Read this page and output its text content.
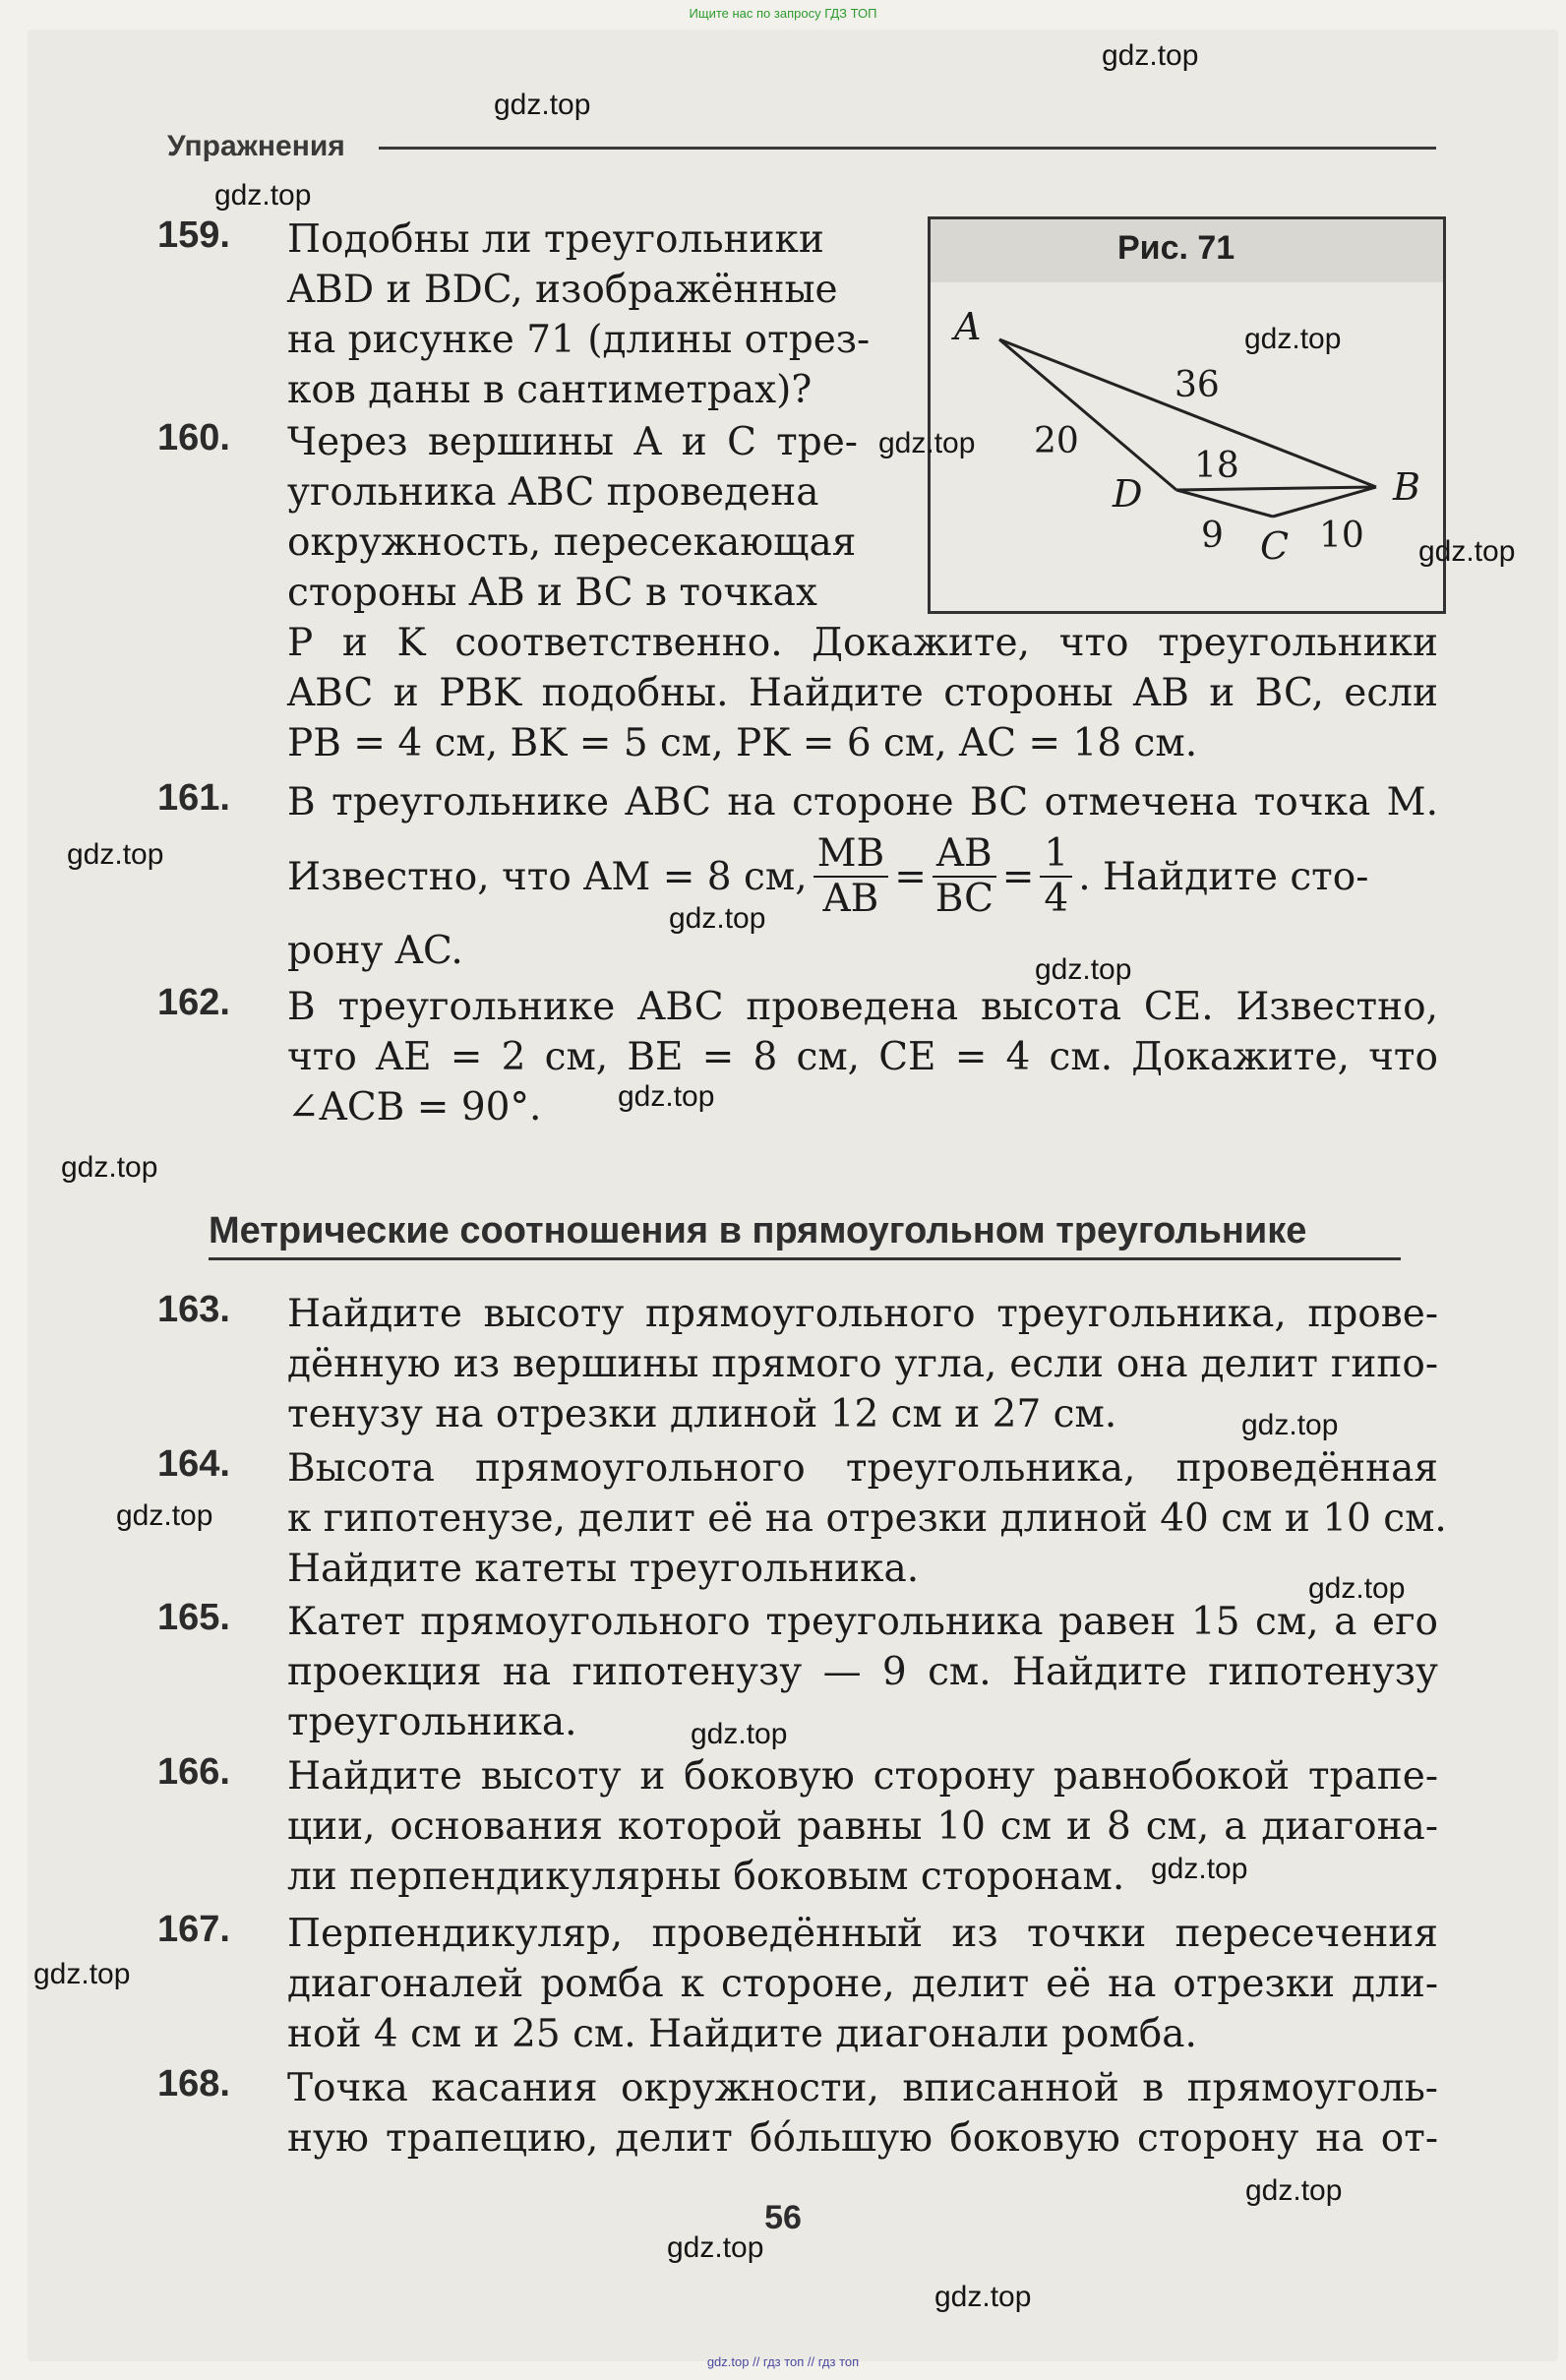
Ищите нас по запросу ГДЗ ТОП
Упражнения
Рис. 71
A
B
C
D
36
20
18
9	10
159.	Подобны ли треугольники
ABD и BDC, изображённые
на рисунке 71 (длины отрез-
ков даны в сантиметрах)?
160.	Через вершины A и C тре-
угольника ABC проведена
окружность, пересекающая
стороны AB и BC в точках
P и K соответственно. Докажите, что треугольники
ABC и PBK подобны. Найдите стороны AB и BC, если
PB = 4 см, BK = 5 см, PK = 6 см, AC = 18 см.
161.	В треугольнике ABC на стороне BC отмечена точка M.
Известно, что AM = 8 см, $\frac{MB}{AB} = \frac{AB}{BC} = \frac{1}{4}$ . Найдите сто-
рону AC.
162.	В треугольнике ABC проведена высота CE. Известно,
что AE = 2 см, BE = 8 см, CE = 4 см. Докажите, что
∠ACB = 90°.
Метрические соотношения в прямоугольном треугольнике
163.	Найдите высоту прямоугольного треугольника, прове-
дённую из вершины прямого угла, если она делит гипо-
тенузу на отрезки длиной 12 см и 27 см.
164.	Высота прямоугольного треугольника, проведённая
к гипотенузе, делит её на отрезки длиной 40 см и 10 см.
Найдите катеты треугольника.
165.	Катет прямоугольного треугольника равен 15 см, а его
проекция на гипотенузу — 9 см. Найдите гипотенузу
треугольника.
166.	Найдите высоту и боковую сторону равнобокой трапе-
ции, основания которой равны 10 см и 8 см, а диагона-
ли перпендикулярны боковым сторонам.
167.	Перпендикуляр, проведённый из точки пересечения
диагоналей ромба к стороне, делит её на отрезки дли-
ной 4 см и 25 см. Найдите диагонали ромба.
168.	Точка касания окружности, вписанной в прямоуголь-
ную трапецию, делит бóльшую боковую сторону на от-
56
gdz.top
gdz.top
gdz.top
gdz.top
gdz.top
gdz.top
gdz.top
gdz.top
gdz.top
gdz.top
gdz.top
gdz.top
gdz.top
gdz.top
gdz.top
gdz.top
gdz.top
gdz.top
gdz.top
gdz.top
gdz.top // гдз топ // гдз топ
